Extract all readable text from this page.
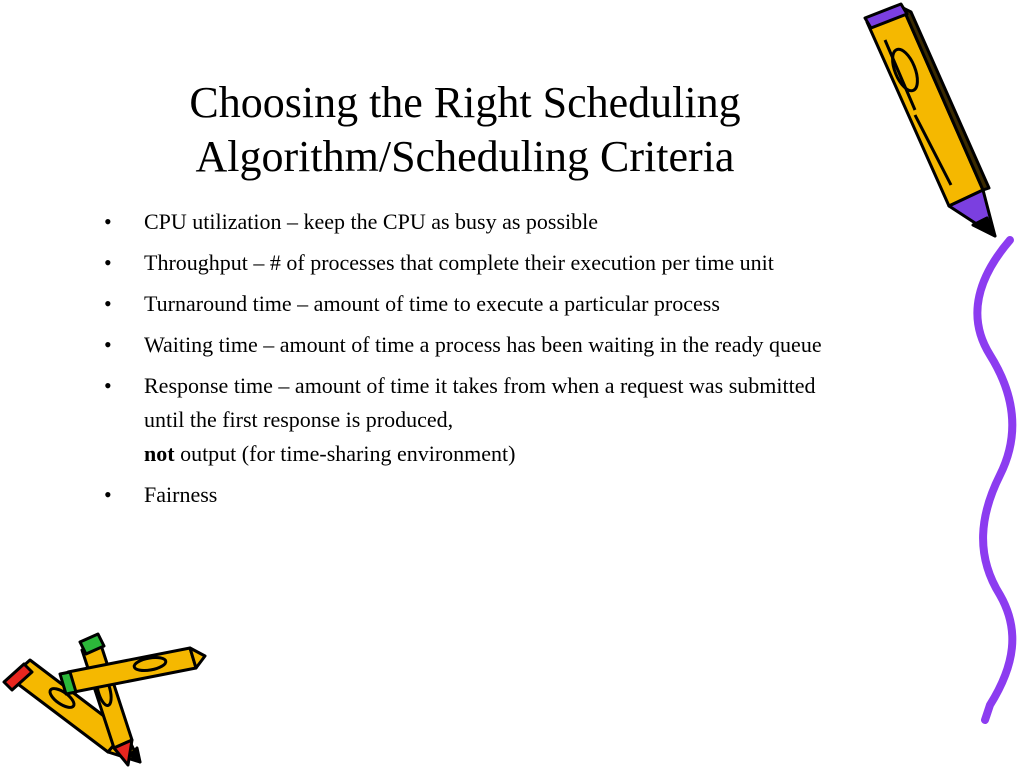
Choosing the Right Scheduling
Algorithm/Scheduling Criteria
• CPU utilization – keep the CPU as busy as possible
• Throughput – # of processes that complete their execution per time unit
• Turnaround time – amount of time to execute a particular process
• Waiting time – amount of time a process has been waiting in the ready queue
• Response time – amount of time it takes from when a request was submitted until the first response is produced,
not output (for time-sharing environment)
• Fairness
